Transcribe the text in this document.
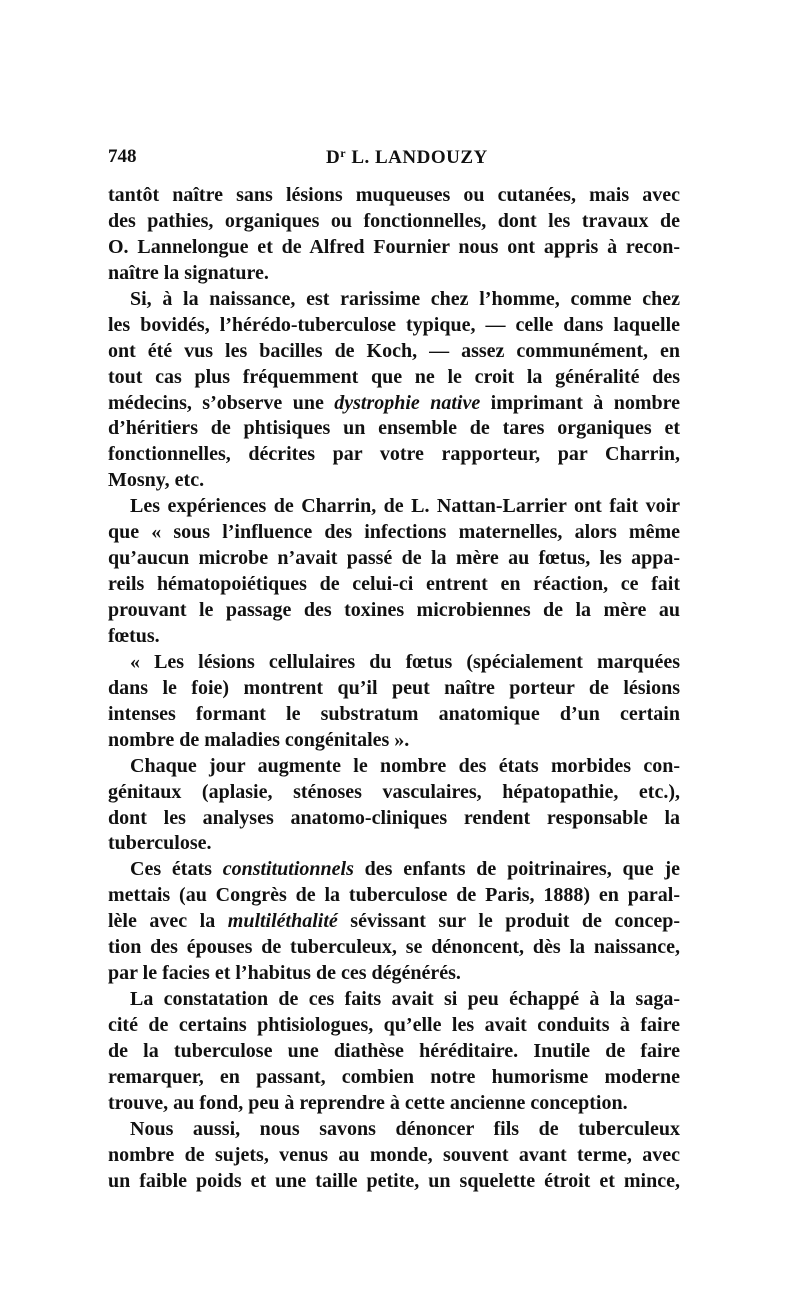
748	$D^r$ L. LANDOUZY
tantôt naître sans lésions muqueuses ou cutanées, mais avec
des pathies, organiques ou fonctionnelles, dont les travaux de
O. Lannelongue et de Alfred Fournier nous ont appris à recon-
naître la signature.
Si, à la naissance, est rarissime chez l’homme, comme chez
les bovidés, l’hérédo-tuberculose typique, — celle dans laquelle
ont été vus les bacilles de Koch, — assez communément, en
tout cas plus fréquemment que ne le croit la généralité des
médecins, s’observe une dystrophie native imprimant à nombre
d’héritiers de phtisiques un ensemble de tares organiques et
fonctionnelles, décrites par votre rapporteur, par Charrin,
Mosny, etc.
Les expériences de Charrin, de L. Nattan-Larrier ont fait voir
que « sous l’influence des infections maternelles, alors même
qu’aucun microbe n’avait passé de la mère au fœtus, les appa-
reils hématopoiétiques de celui-ci entrent en réaction, ce fait
prouvant le passage des toxines microbiennes de la mère au
fœtus.
« Les lésions cellulaires du fœtus (spécialement marquées
dans le foie) montrent qu’il peut naître porteur de lésions
intenses formant le substratum anatomique d’un certain
nombre de maladies congénitales ».
Chaque jour augmente le nombre des états morbides con-
génitaux (aplasie, sténoses vasculaires, hépatopathie, etc.),
dont les analyses anatomo-cliniques rendent responsable la
tuberculose.
Ces états constitutionnels des enfants de poitrinaires, que je
mettais (au Congrès de la tuberculose de Paris, 1888) en paral-
lèle avec la multiléthalité sévissant sur le produit de concep-
tion des épouses de tuberculeux, se dénoncent, dès la naissance,
par le facies et l’habitus de ces dégénérés.
La constatation de ces faits avait si peu échappé à la saga-
cité de certains phtisiologues, qu’elle les avait conduits à faire
de la tuberculose une diathèse héréditaire. Inutile de faire
remarquer, en passant, combien notre humorisme moderne
trouve, au fond, peu à reprendre à cette ancienne conception.
Nous aussi, nous savons dénoncer fils de tuberculeux
nombre de sujets, venus au monde, souvent avant terme, avec
un faible poids et une taille petite, un squelette étroit et mince,
